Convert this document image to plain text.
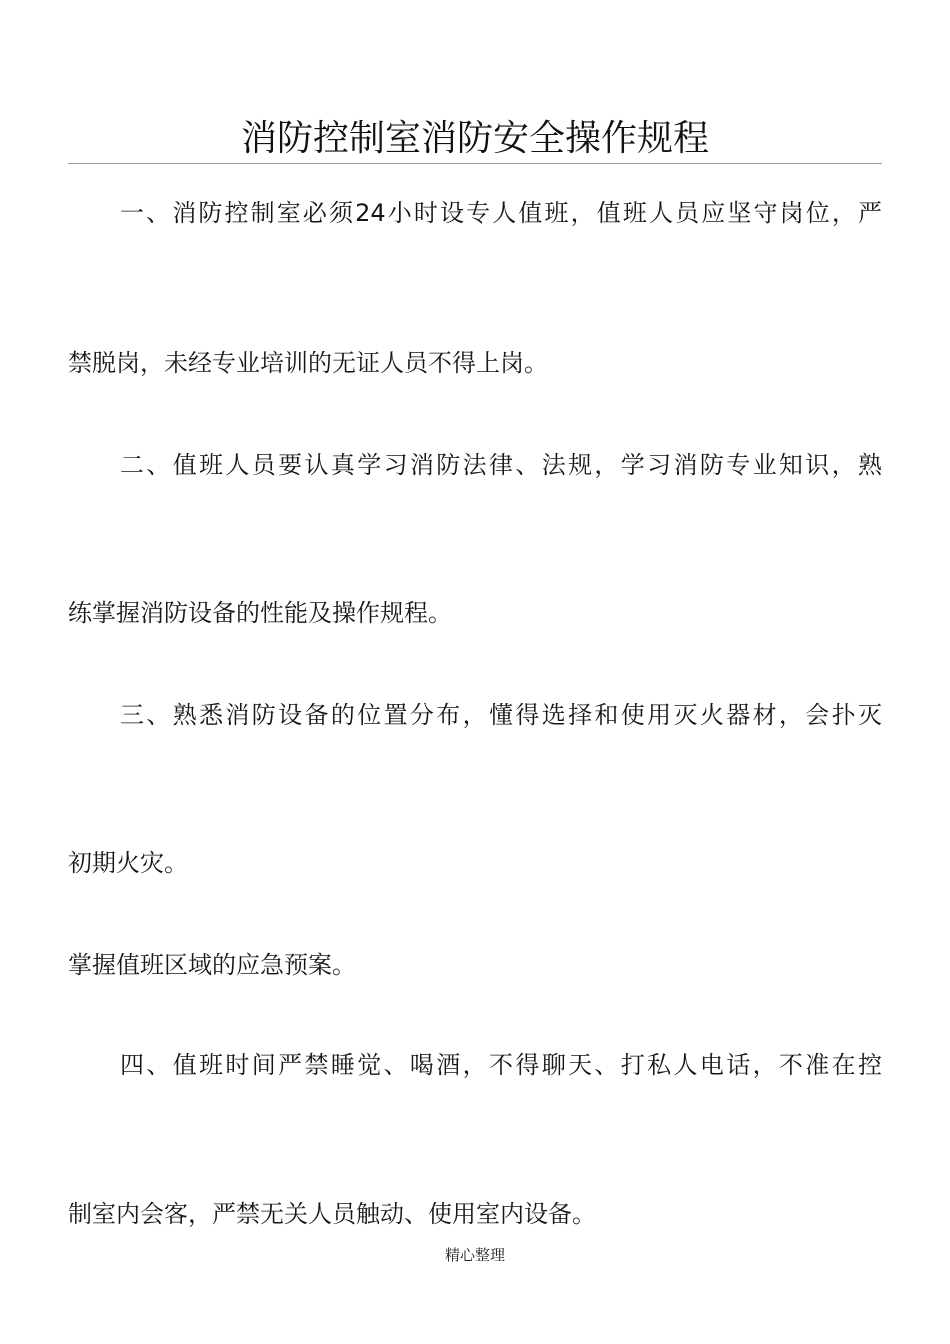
消防控制室消防安全操作规程
一、消防控制室必须24小时设专人值班，值班人员应坚守岗位，严
禁脱岗，未经专业培训的无证人员不得上岗。
二、值班人员要认真学习消防法律、法规，学习消防专业知识，熟
练掌握消防设备的性能及操作规程。
三、熟悉消防设备的位置分布，懂得选择和使用灭火器材，会扑灭
初期火灾。
掌握值班区域的应急预案。
四、值班时间严禁睡觉、喝酒，不得聊天、打私人电话，不准在控
制室内会客，严禁无关人员触动、使用室内设备。
精心整理
